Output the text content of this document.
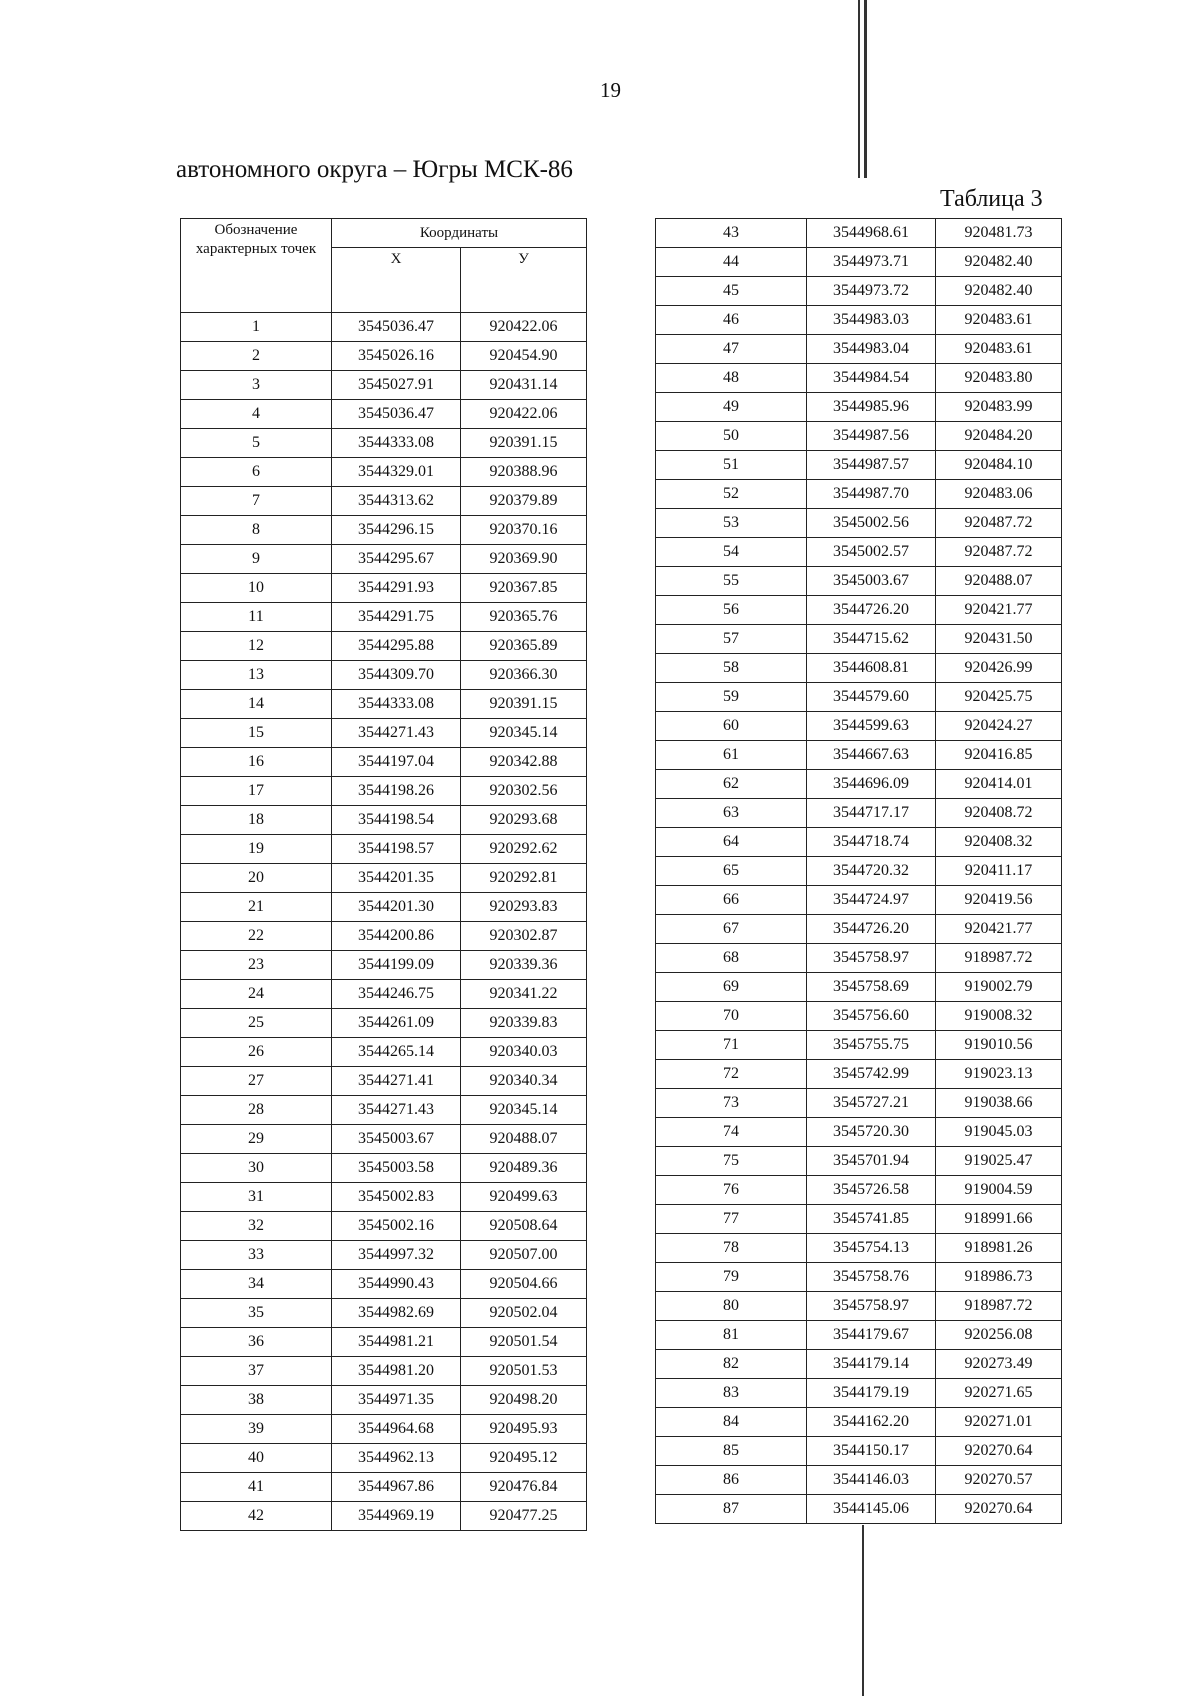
19
автономного округа – Югры МСК-86
Таблица 3
Обозначение характерных точек	Координаты	
	Х	У
1	3545036.47	920422.06
2	3545026.16	920454.90
3	3545027.91	920431.14
4	3545036.47	920422.06
5	3544333.08	920391.15
6	3544329.01	920388.96
7	3544313.62	920379.89
8	3544296.15	920370.16
9	3544295.67	920369.90
10	3544291.93	920367.85
11	3544291.75	920365.76
12	3544295.88	920365.89
13	3544309.70	920366.30
14	3544333.08	920391.15
15	3544271.43	920345.14
16	3544197.04	920342.88
17	3544198.26	920302.56
18	3544198.54	920293.68
19	3544198.57	920292.62
20	3544201.35	920292.81
21	3544201.30	920293.83
22	3544200.86	920302.87
23	3544199.09	920339.36
24	3544246.75	920341.22
25	3544261.09	920339.83
26	3544265.14	920340.03
27	3544271.41	920340.34
28	3544271.43	920345.14
29	3545003.67	920488.07
30	3545003.58	920489.36
31	3545002.83	920499.63
32	3545002.16	920508.64
33	3544997.32	920507.00
34	3544990.43	920504.66
35	3544982.69	920502.04
36	3544981.21	920501.54
37	3544981.20	920501.53
38	3544971.35	920498.20
39	3544964.68	920495.93
40	3544962.13	920495.12
41	3544967.86	920476.84
42	3544969.19	920477.25
43	3544968.61	920481.73
44	3544973.71	920482.40
45	3544973.72	920482.40
46	3544983.03	920483.61
47	3544983.04	920483.61
48	3544984.54	920483.80
49	3544985.96	920483.99
50	3544987.56	920484.20
51	3544987.57	920484.10
52	3544987.70	920483.06
53	3545002.56	920487.72
54	3545002.57	920487.72
55	3545003.67	920488.07
56	3544726.20	920421.77
57	3544715.62	920431.50
58	3544608.81	920426.99
59	3544579.60	920425.75
60	3544599.63	920424.27
61	3544667.63	920416.85
62	3544696.09	920414.01
63	3544717.17	920408.72
64	3544718.74	920408.32
65	3544720.32	920411.17
66	3544724.97	920419.56
67	3544726.20	920421.77
68	3545758.97	918987.72
69	3545758.69	919002.79
70	3545756.60	919008.32
71	3545755.75	919010.56
72	3545742.99	919023.13
73	3545727.21	919038.66
74	3545720.30	919045.03
75	3545701.94	919025.47
76	3545726.58	919004.59
77	3545741.85	918991.66
78	3545754.13	918981.26
79	3545758.76	918986.73
80	3545758.97	918987.72
81	3544179.67	920256.08
82	3544179.14	920273.49
83	3544179.19	920271.65
84	3544162.20	920271.01
85	3544150.17	920270.64
86	3544146.03	920270.57
87	3544145.06	920270.64
